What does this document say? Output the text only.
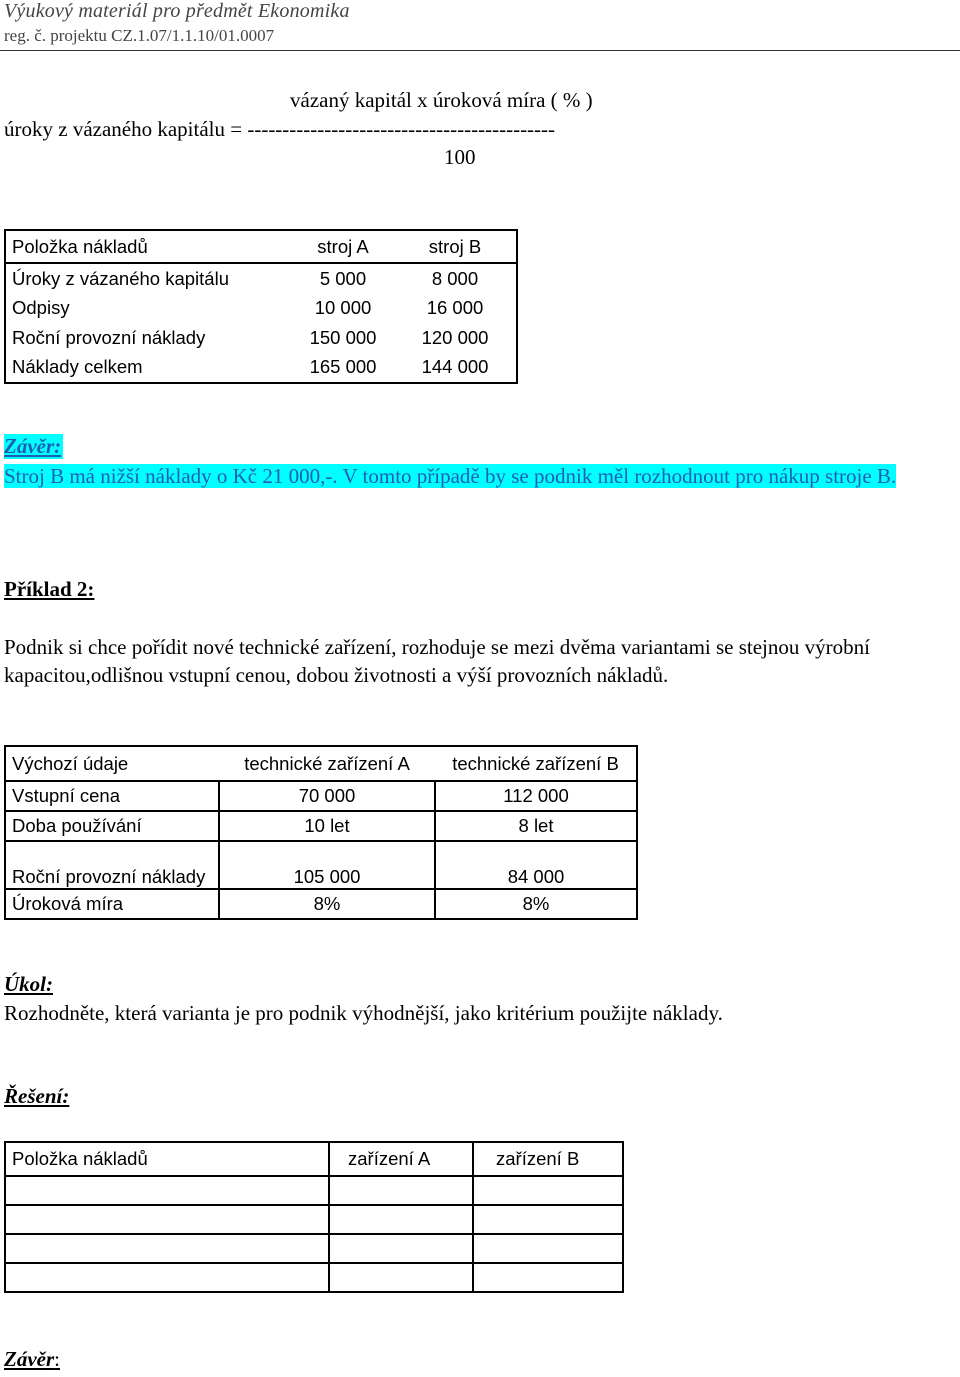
Výukový materiál pro předmět Ekonomika
reg. č. projektu CZ.1.07/1.1.10/01.0007
vázaný kapitál x úroková míra ( % )
úroky z vázaného kapitálu = --------------------------------------------
100
Položka nákladů	stroj A	stroj B
Úroky z vázaného kapitálu	5 000	8 000
Odpisy	10 000	16 000
Roční provozní náklady	150 000	120 000
Náklady celkem	165 000	144 000
Závěr:
Stroj B má nižší náklady o Kč 21 000,-. V tomto případě by se podnik měl rozhodnout pro nákup stroje B.
Příklad 2:
Podnik si chce pořídit nové technické zařízení, rozhoduje se mezi dvěma variantami se stejnou výrobní kapacitou,odlišnou vstupní cenou, dobou životnosti a výší provozních nákladů.
Výchozí údaje	technické zařízení A	technické zařízení B
Vstupní cena	70 000	112 000
Doba používání	10 let	8 let
Roční provozní náklady	105 000	84 000
Úroková míra	8%	8%
Úkol:
Rozhodněte, která varianta je pro podnik výhodnější, jako kritérium použijte náklady.
Řešení:
Položka nákladů	zařízení A	zařízení B

Závěr:
